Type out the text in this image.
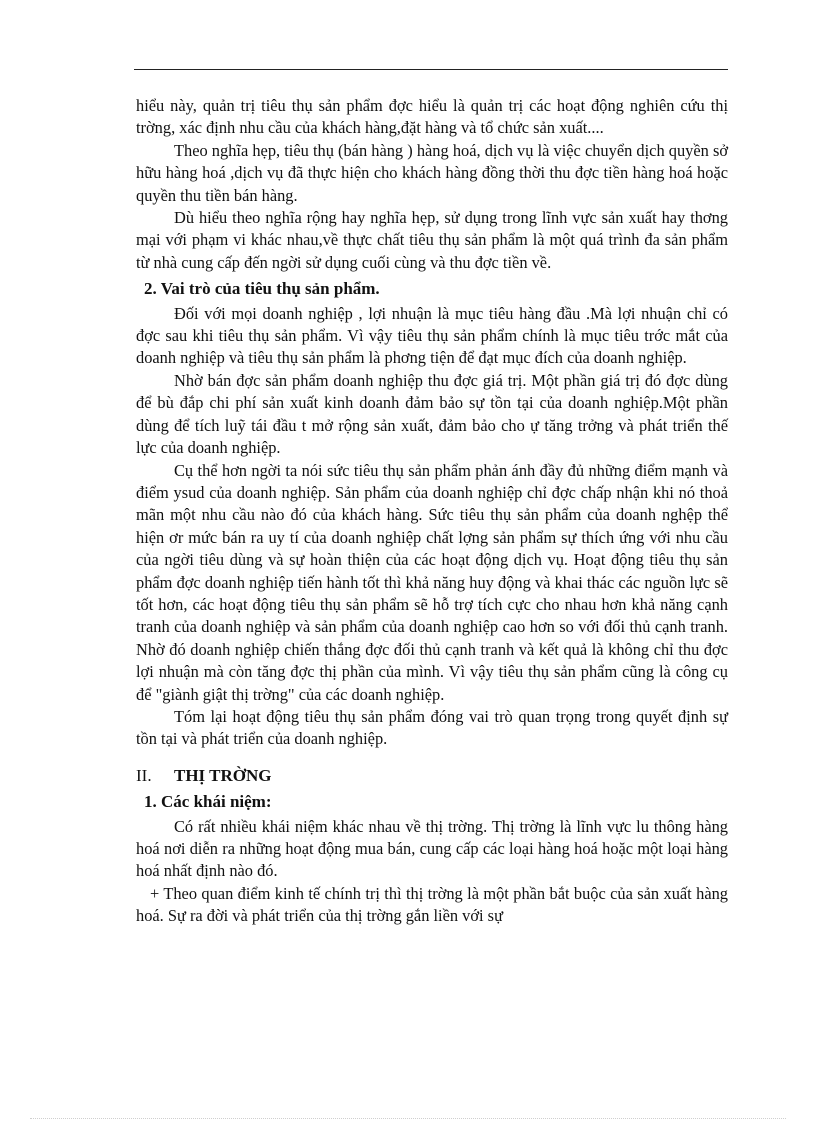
hiểu này, quản trị tiêu thụ sản phẩm đợc hiểu là quản trị các hoạt động nghiên cứu thị trờng, xác định nhu cầu của khách hàng,đặt hàng và tổ chức sản xuất....

Theo nghĩa hẹp, tiêu thụ (bán hàng ) hàng hoá, dịch vụ là việc chuyển dịch quyền sở hữu hàng hoá ,dịch vụ đã thực hiện cho khách hàng đồng thời thu đợc tiền hàng hoá hoặc quyền thu tiền bán hàng.

Dù hiểu theo nghĩa rộng hay nghĩa hẹp, sử dụng trong lĩnh vực sản xuất hay thơng mại với phạm vi khác nhau,về thực chất tiêu thụ sản phẩm là một quá trình đa sản phẩm từ nhà cung cấp đến ngời sử dụng cuối cùng và thu đợc tiền về.

2. Vai trò của tiêu thụ sản phẩm.

Đối với mọi doanh nghiệp , lợi nhuận là mục tiêu hàng đầu .Mà lợi nhuận chỉ có đợc sau khi tiêu thụ sản phẩm. Vì vậy tiêu thụ sản phẩm chính là mục tiêu trớc mắt của doanh nghiệp và tiêu thụ sản phẩm là phơng tiện để đạt mục đích của doanh nghiệp.

Nhờ bán đợc sản phẩm doanh nghiệp thu đợc giá trị. Một phần giá trị đó đợc dùng để bù đắp chi phí sản xuất kinh doanh đảm bảo sự tồn tại của doanh nghiệp.Một phần dùng để tích luỹ tái đầu t mở rộng sản xuất, đảm bảo cho ự tăng trởng và phát triển thế lực của doanh nghiệp.

Cụ thể hơn ngời ta nói sức tiêu thụ sản phẩm phản ánh đầy đủ những điểm mạnh và điểm ysud của doanh nghiệp. Sản phẩm của doanh nghiệp chỉ đợc chấp nhận khi nó thoả mãn một nhu cầu nào đó của khách hàng. Sức tiêu thụ sản phẩm của doanh nghệp thể hiện ơr mức bán ra uy tí của doanh nghiệp chất lợng sản phẩm sự thích ứng với nhu cầu của ngời tiêu dùng và sự hoàn thiện của các hoạt động dịch vụ. Hoạt động tiêu thụ sản phẩm đợc doanh nghiệp tiến hành tốt thì khả năng huy động và khai thác các nguồn lực sẽ tốt hơn, các hoạt động tiêu thụ sản phẩm sẽ hỗ trợ tích cực cho nhau hơn khả năng cạnh tranh của doanh nghiệp và sản phẩm của doanh nghiệp cao hơn so với đối thủ cạnh tranh. Nhờ đó doanh nghiệp chiến thắng đợc đối thủ cạnh tranh và kết quả là không chỉ thu đợc lợi nhuận mà còn tăng đợc thị phần của mình. Vì vậy tiêu thụ sản phẩm cũng là công cụ để "giành giật thị trờng" của các doanh nghiệp.

Tóm lại hoạt động tiêu thụ sản phẩm đóng vai trò quan trọng trong quyết định sự tồn tại và phát triển của doanh nghiệp.

II. THỊ TRỜNG
1. Các khái niệm:

Có rất nhiều khái niệm khác nhau về thị trờng. Thị trờng là lĩnh vực lu thông hàng hoá nơi diễn ra những hoạt động mua bán, cung cấp các loại hàng hoá hoặc một loại hàng hoá nhất định nào đó.

+ Theo quan điểm kinh tế chính trị thì thị trờng là một phần bắt buộc của sản xuất hàng hoá. Sự ra đời và phát triển của thị trờng gắn liền với sự
